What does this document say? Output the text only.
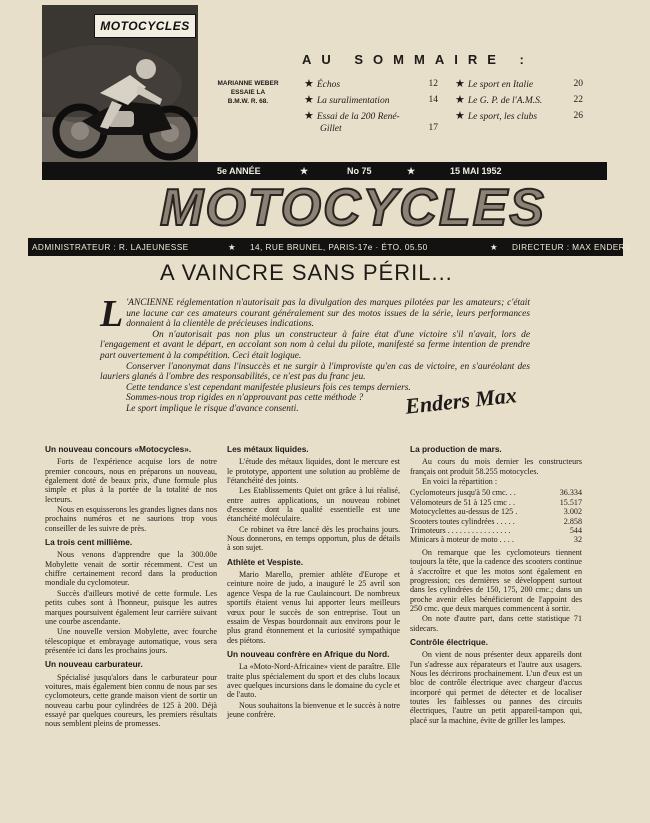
MOTOCYCLES
MARIANNE WEBER
ESSAIE LA
B.M.W. R. 68.
AU SOMMAIRE :
★ Échos	12
★ La suralimentation	14
★ Essai de la 200 René-
Gillet	17
★ Le sport en Italie	20
★ Le G. P. de l'A.M.S.	22
★ Le sport, les clubs	26
5e ANNÉE	★	No 75	★	15 MAI 1952
MOTOCYCLES
ADMINISTRATEUR : R. LAJEUNESSE	★ 14, RUE BRUNEL, PARIS-17e · ÉTO. 05.50	★ DIRECTEUR : MAX ENDERS
A VAINCRE SANS PÉRIL...

L 'ANCIENNE réglementation n'autorisait pas la divulgation des marques pilotées par les amateurs; c'était une lacune car ces amateurs courant généralement sur des motos issues de la série, leurs performances donnaient à la clientèle de précieuses indications.

On n'autorisait pas non plus un constructeur à faire état d'une victoire s'il n'avait, lors de l'engagement et avant le départ, en accolant son nom à celui du pilote, manifesté sa ferme intention de prendre part ouvertement à la compétition. Ceci était logique.

Conserver l'anonymat dans l'insuccès et ne surgir à l'improviste qu'en cas de victoire, en s'auréolant des lauriers glanés à l'ombre des responsabilités, ce n'est pas du franc jeu.

Cette tendance s'est cependant manifestée plusieurs fois ces temps derniers.

Sommes-nous trop rigides en n'approuvant pas cette méthode ?

Le sport implique le risque d'avance consenti.	Enders Max
Un nouveau concours «Motocycles».

Forts de l'expérience acquise lors de notre premier concours, nous en préparons un nouveau, également doté de beaux prix, d'une formule plus simple et plus à la portée de la totalité de nos lecteurs.

Nous en esquisserons les grandes lignes dans nos prochains numéros et ne saurions trop vous conseiller de les suivre de près.

La trois cent millième.

Nous venons d'apprendre que la 300.00e Mobylette venait de sortir récemment. C'est un chiffre certainement record dans la production mondiale du cyclomoteur.

Succès d'ailleurs motivé de cette formule. Les petits cubes sont à l'honneur, puisque les autres marques poursuivent également leur carrière suivant une courbe ascendante.

Une nouvelle version Mobylette, avec fourche télescopique et embrayage automatique, vous sera présentée ici dans les prochains jours.

Un nouveau carburateur.

Spécialisé jusqu'alors dans le carburateur pour voitures, mais également bien connu de nous par ses cyclomoteurs, cette grande maison vient de sortir un nouveau carbu pour cylindrées de 125 à 200. Déjà essayé par quelques coureurs, les premiers résultats nous semblent pleins de promesses.

Les métaux liquides.

L'étude des métaux liquides, dont le mercure est le prototype, apportent une solution au problème de l'étanchéité des joints.

Les Etablissements Quiet ont grâce à lui réalisé, entre autres applications, un nouveau robinet d'essence dont la qualité essentielle est une étanchéité moléculaire.

Ce robinet va être lancé dès les prochains jours. Nous donnerons, en temps opportun, plus de détails à son sujet.

Athlète et Vespiste.

Mario Marello, premier athlète d'Europe et ceinture noire de judo, a inauguré le 25 avril son agence Vespa de la rue Caulaincourt. De nombreux sportifs étaient venus lui apporter leurs meilleurs vœux pour le succès de son entreprise. Tout un essaim de Vespas bourdonnait aux environs pour le plus grand étonnement et la curiosité sympathique des piétons.

Un nouveau confrère en Afrique du Nord.

La «Moto-Nord-Africaine» vient de paraître. Elle traite plus spécialement du sport et des clubs locaux avec quelques incursions dans le domaine du cycle et de l'auto.

Nous souhaitons la bienvenue et le succès à notre jeune confrère.

La production de mars.

Au cours du mois dernier les constructeurs français ont produit 58.255 motocycles.

En voici la répartition :

Cyclomoteurs jusqu'à 50 cmc. . .	36.334
Vélomoteurs de 51 à 125 cmc . .	15.517
Motocyclettes au-dessus de 125 .	3.002
Scooters toutes cylindrées . . . . .	2.858
Trimoteurs . . . . . . . . . . . . . . . .	544
Minicars à moteur de moto . . . .	32

On remarque que les cyclomoteurs tiennent toujours la tête, que la cadence des scooters continue à s'accroître et que les motos sont également en progression; ces dernières se développent surtout dans les cylindrées de 150, 175, 200 cmc.; dans un proche avenir elles bénéficieront de l'appoint des 250 cmc. que deux marques commencent à sortir.

On note d'autre part, dans cette statistique 71 sidecars.

Contrôle électrique.

On vient de nous présenter deux appareils dont l'un s'adresse aux réparateurs et l'autre aux usagers. Nous les décrirons prochainement. L'un d'eux est un bloc de contrôle électrique avec chargeur d'accus incorporé qui permet de détecter et de localiser toutes les faiblesses ou pannes des circuits électriques, l'autre un petit appareil-tampon qui, placé sur la machine, évite de griller les lampes.
